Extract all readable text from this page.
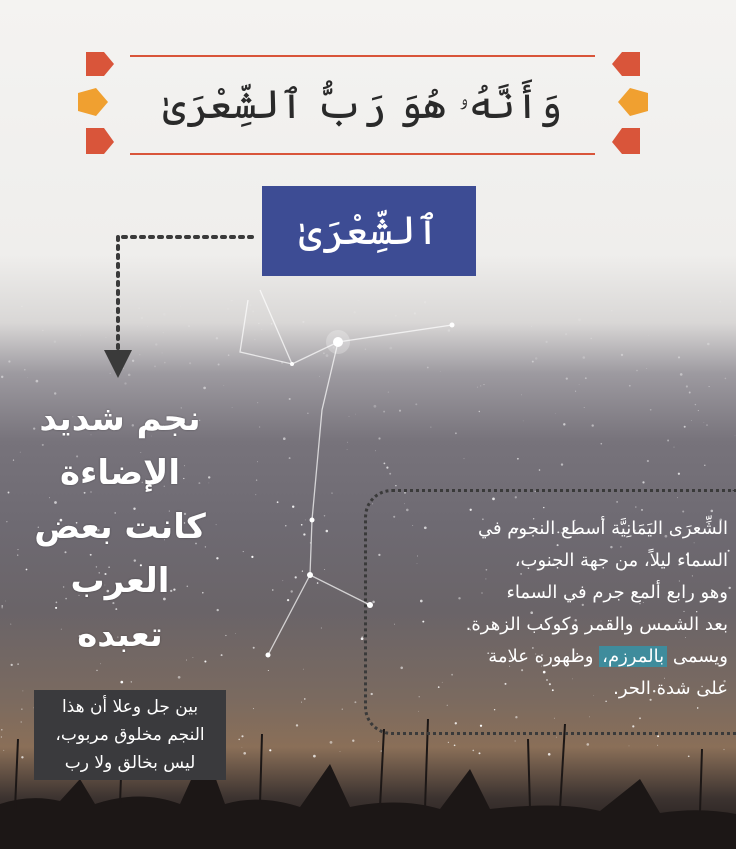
وَأَنَّهُۥ هُوَ رَبُّ ٱلشِّعْرَىٰ
ٱلشِّعْرَىٰ
نجم شديد
الإضاءة
كانت بعض
العرب
تعبده
بين جل وعلا أن هذا
النجم مخلوق مربوب،
ليس بخالق ولا رب
الشِّعرَى اليَمَانِيَّة أسطع النجوم في
السماء ليلاً، من جهة الجنوب،
وهو رابع ألمع جرم في السماء
بعد الشمس والقمر وكوكب الزهرة.
ويسمى بالمرزم، وظهوره علامة
على شدة الحر.
